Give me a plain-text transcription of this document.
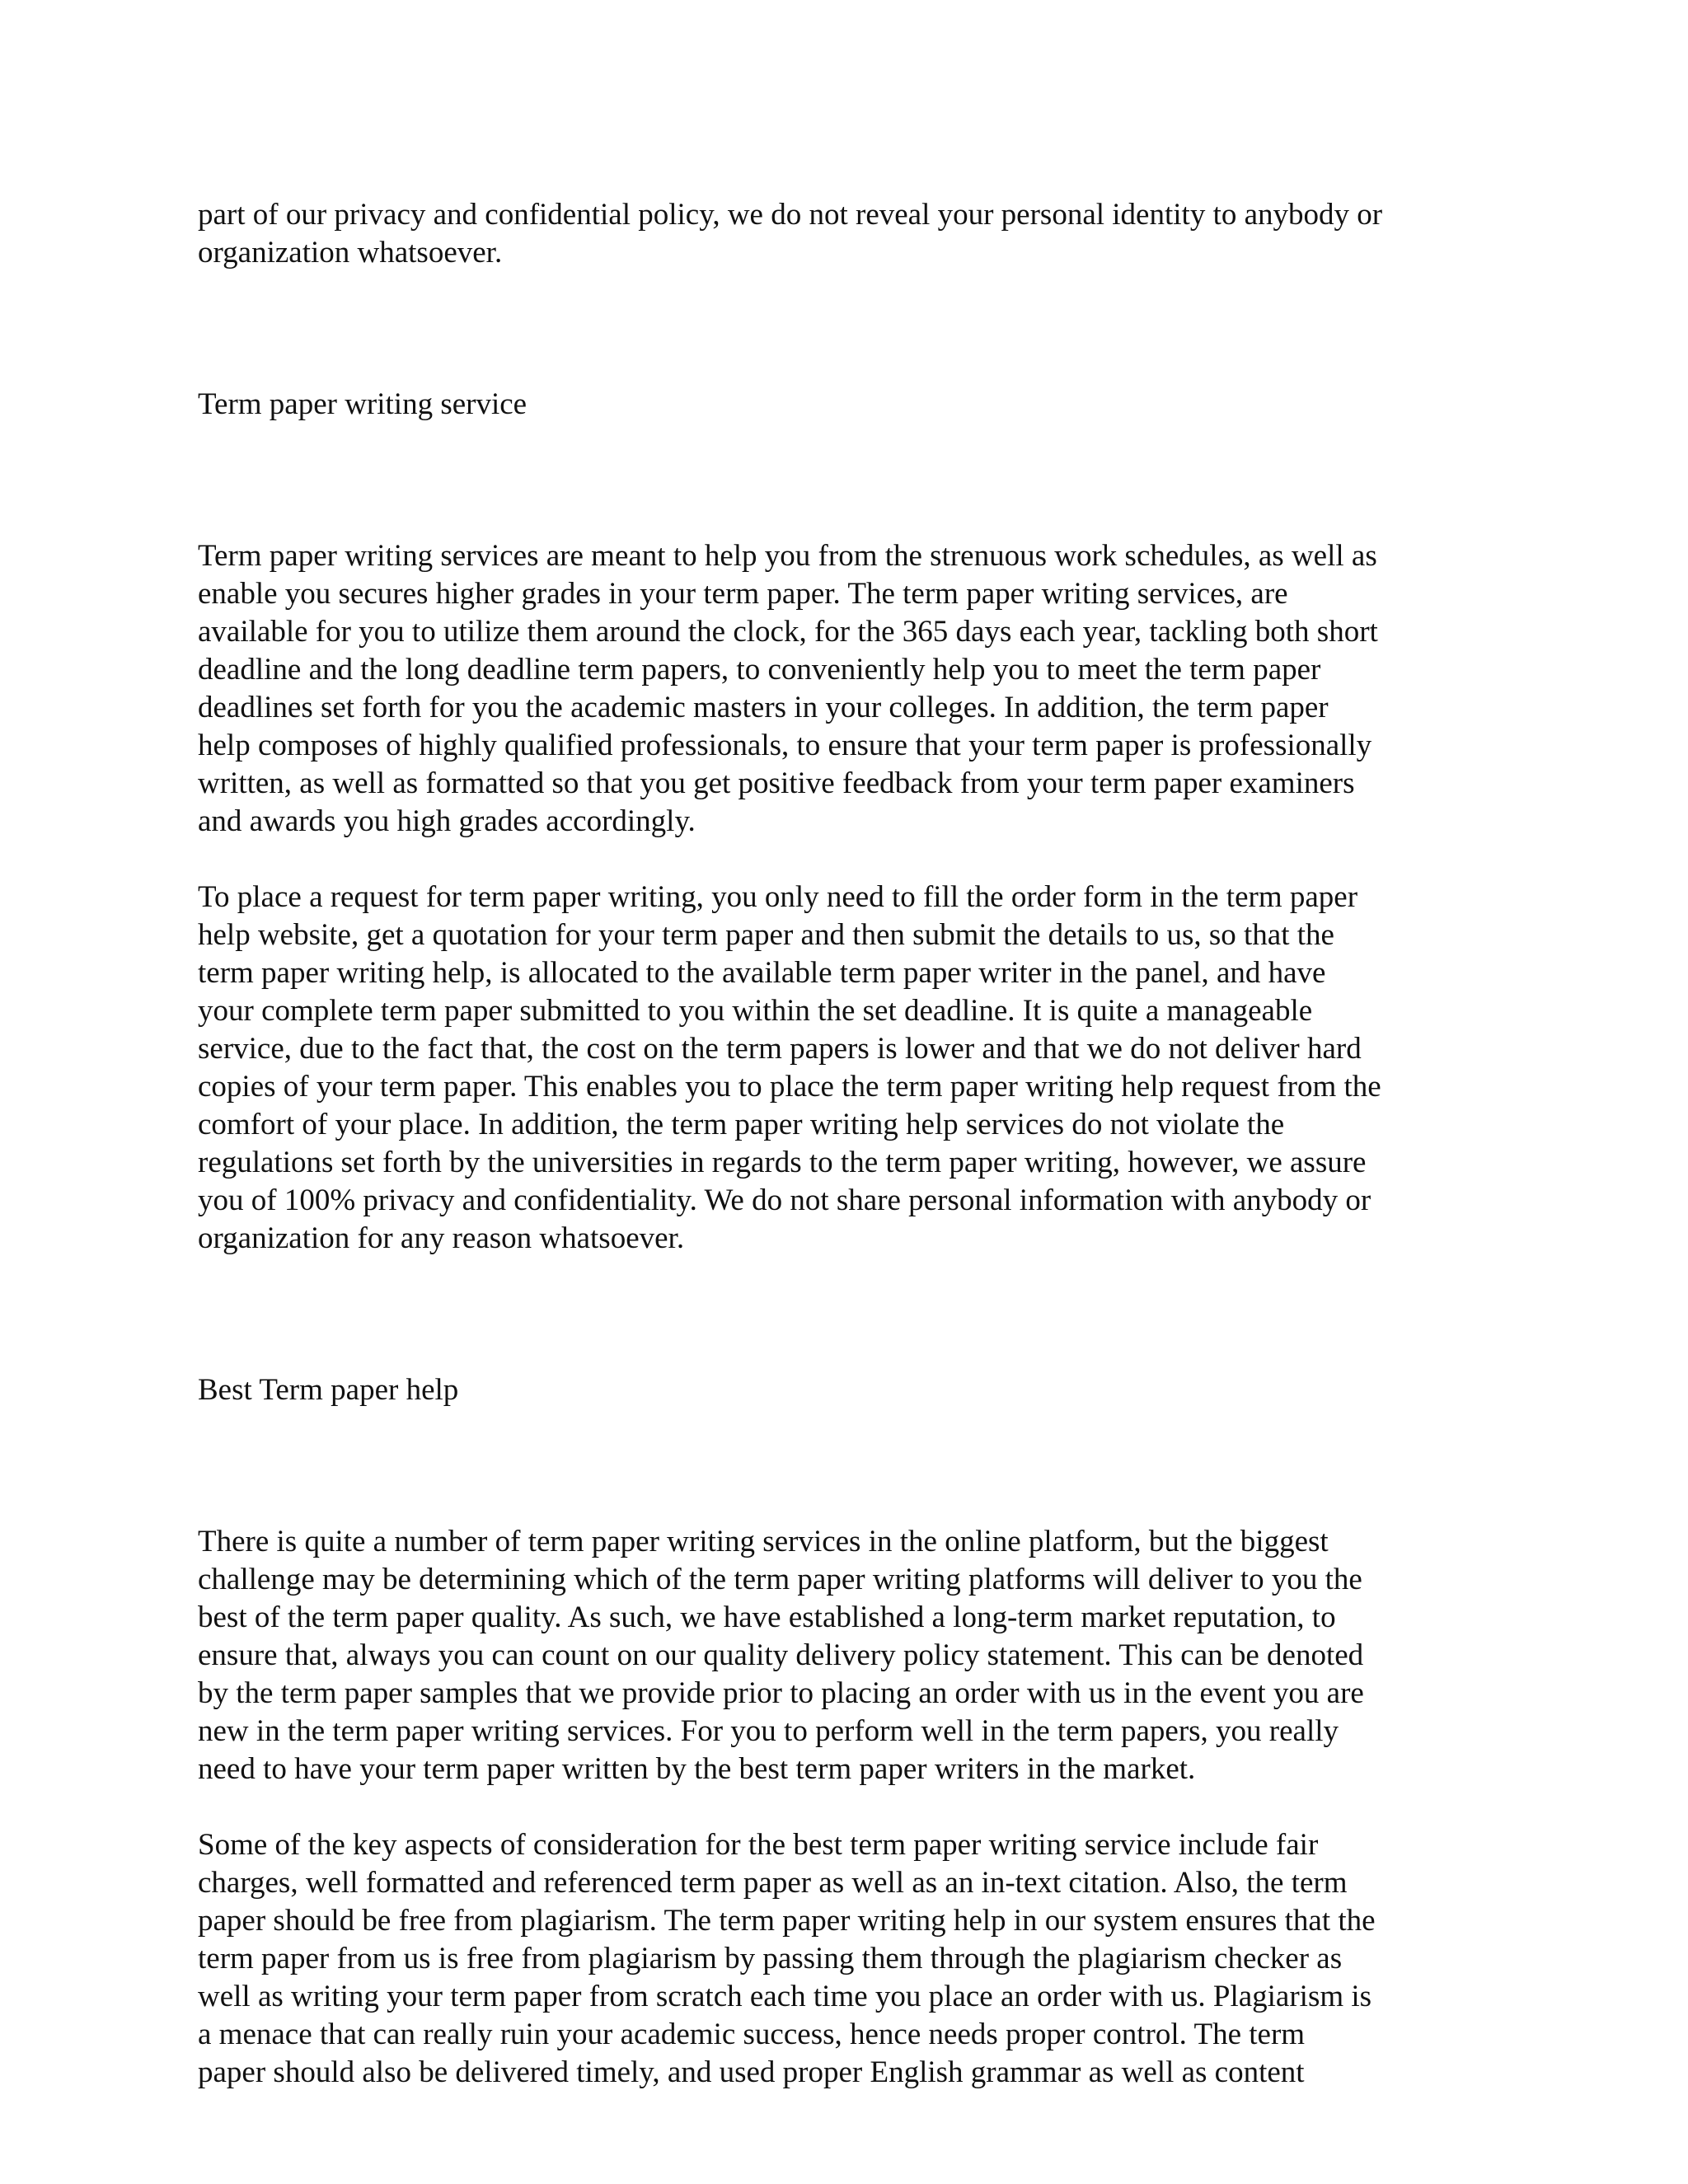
part of our privacy and confidential policy, we do not reveal your personal identity to anybody or
organization whatsoever.
Term paper writing service
Term paper writing services are meant to help you from the strenuous work schedules, as well as
enable you secures higher grades in your term paper. The term paper writing services, are
available for you to utilize them around the clock, for the 365 days each year, tackling both short
deadline and the long deadline term papers, to conveniently help you to meet the term paper
deadlines set forth for you the academic masters in your colleges. In addition, the term paper
help composes of highly qualified professionals, to ensure that your term paper is professionally
written, as well as formatted so that you get positive feedback from your term paper examiners
and awards you high grades accordingly.
To place a request for term paper writing, you only need to fill the order form in the term paper
help website, get a quotation for your term paper and then submit the details to us, so that the
term paper writing help, is allocated to the available term paper writer in the panel, and have
your complete term paper submitted to you within the set deadline. It is quite a manageable
service, due to the fact that, the cost on the term papers is lower and that we do not deliver hard
copies of your term paper. This enables you to place the term paper writing help request from the
comfort of your place. In addition, the term paper writing help services do not violate the
regulations set forth by the universities in regards to the term paper writing, however, we assure
you of 100% privacy and confidentiality. We do not share personal information with anybody or
organization for any reason whatsoever.
Best Term paper help
There is quite a number of term paper writing services in the online platform, but the biggest
challenge may be determining which of the term paper writing platforms will deliver to you the
best of the term paper quality. As such, we have established a long-term market reputation, to
ensure that, always you can count on our quality delivery policy statement. This can be denoted
by the term paper samples that we provide prior to placing an order with us in the event you are
new in the term paper writing services. For you to perform well in the term papers, you really
need to have your term paper written by the best term paper writers in the market.
Some of the key aspects of consideration for the best term paper writing service include fair
charges, well formatted and referenced term paper as well as an in-text citation. Also, the term
paper should be free from plagiarism. The term paper writing help in our system ensures that the
term paper from us is free from plagiarism by passing them through the plagiarism checker as
well as writing your term paper from scratch each time you place an order with us. Plagiarism is
a menace that can really ruin your academic success, hence needs proper control. The term
paper should also be delivered timely, and used proper English grammar as well as content
